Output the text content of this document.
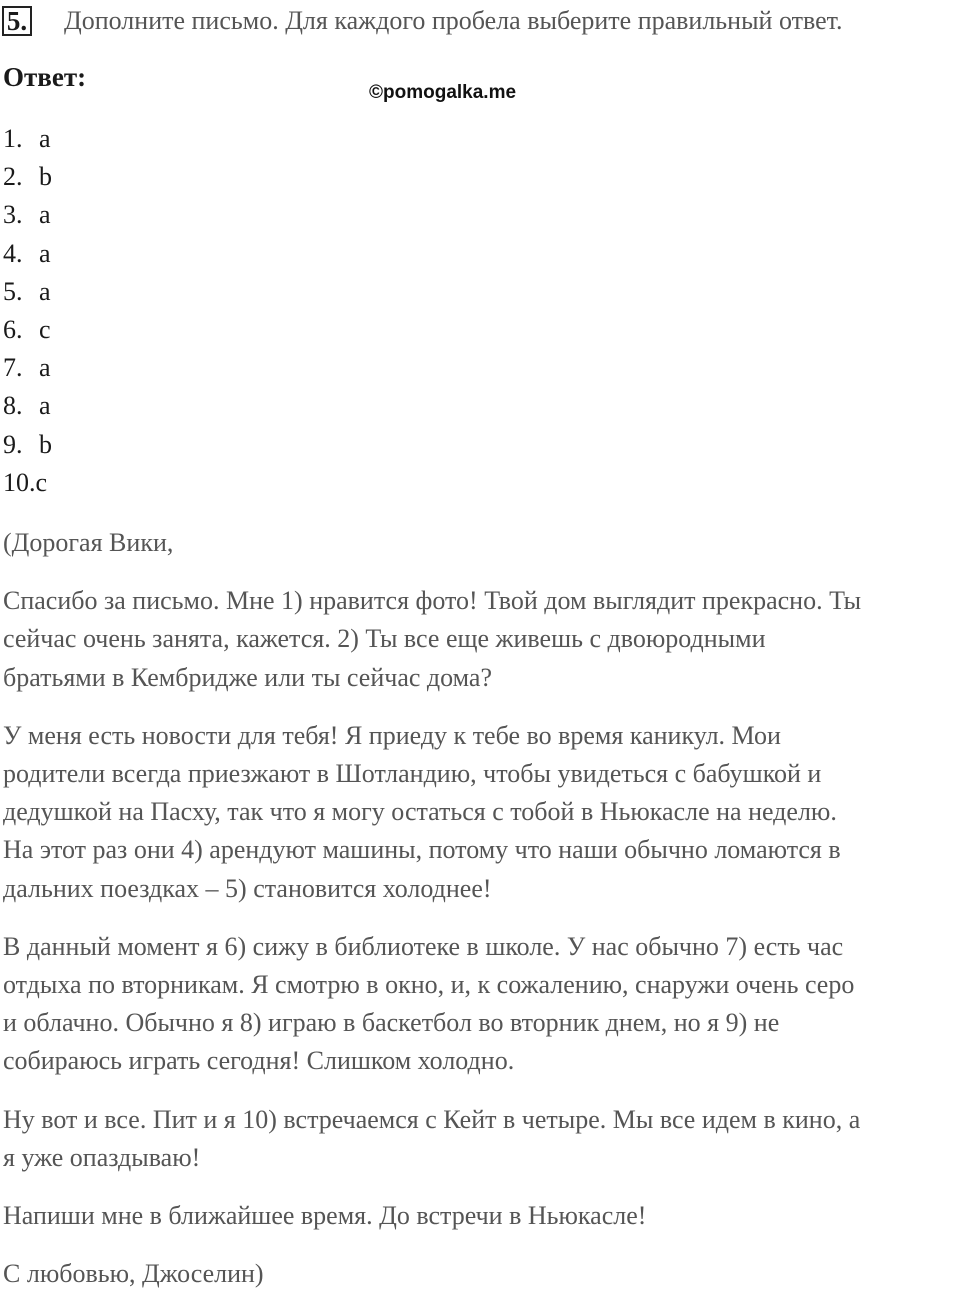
5. Дополните письмо. Для каждого пробела выберите правильный ответ.
Ответ:
©pomogalka.me
1. a
2. b
3. a
4. a
5. a
6. c
7. a
8. a
9. b
10. c

(Дорогая Вики,

Спасибо за письмо. Мне 1) нравится фото! Твой дом выглядит прекрасно. Ты
сейчас очень занята, кажется. 2) Ты все еще живешь с двоюродными
братьями в Кембридже или ты сейчас дома?

У меня есть новости для тебя! Я приеду к тебе во время каникул. Мои
родители всегда приезжают в Шотландию, чтобы увидеться с бабушкой и
дедушкой на Пасху, так что я могу остаться с тобой в Ньюкасле на неделю.
На этот раз они 4) арендуют машины, потому что наши обычно ломаются в
дальних поездках – 5) становится холоднее!

В данный момент я 6) сижу в библиотеке в школе. У нас обычно 7) есть час
отдыха по вторникам. Я смотрю в окно, и, к сожалению, снаружи очень серо
и облачно. Обычно я 8) играю в баскетбол во вторник днем, но я 9) не
собираюсь играть сегодня! Слишком холодно.

Ну вот и все. Пит и я 10) встречаемся с Кейт в четыре. Мы все идем в кино, а
я уже опаздываю!

Напиши мне в ближайшее время. До встречи в Ньюкасле!

С любовью, Джоселин)
